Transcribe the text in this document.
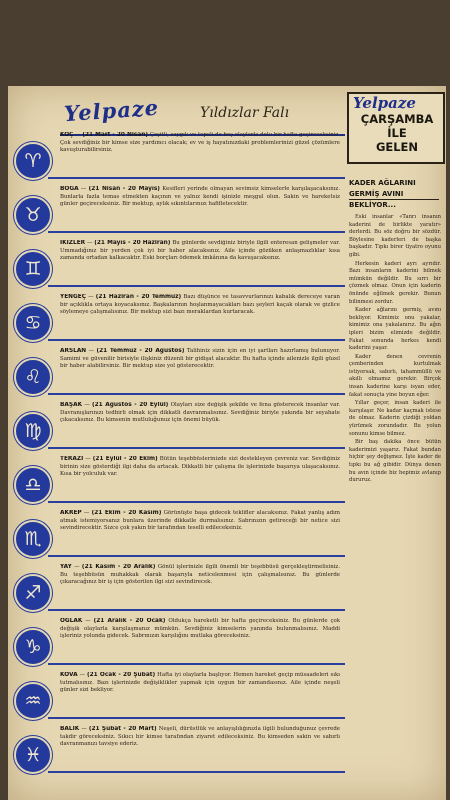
Yelpaze	Yıldızlar Falı
♈
KOÇ — (21 Mart - 20 Nisan) Çeşitli, saygılı ve tepeli de boş olaylarla dolu bir hafta geçireceksiniz. Çok sevdiğiniz bir kimse size yardımcı olacak; ev ve iş hayatınızdaki problemlerinizi güzel çözümlere kavuşturabilirsiniz.
♉
BOĞA — (21 Nisan - 20 Mayıs) Kesifleri yerinde olmayan sevimsiz kimselerle karşılaşacaksınız. Bunlarla fazla temas etmekten kaçının ve yalnız kendi işinizle meşgul olun. Sakin ve hareketsiz günler geçireceksiniz. Bir mektup, aylık sıkıntılarınızı hafifletecektir.
♊
İKİZLER — (21 Mayıs - 20 Haziran) Bu günlerde sevdiğiniz biriyle ilgili enteresan gelişmeler var. Ummadığınız bir yerden çok iyi bir haber alacaksınız. Aile içinde gözüken anlaşmazlıklar kısa zamanda ortadan kalkacaktır. Eski borçları ödemek imkânına da kavuşacaksınız.
♋
YENGEÇ — (21 Haziran - 20 Temmuz) Bazı düşünce ve tasavvurlarınızı kabalık dereceye varan bir açıklıkla ortaya koyacaksınız. Başkalarının hoşlanmayacakları bazı şeyleri kaçak olarak ve gizlice söylemeye çalışmalısınız. Bir mektup sizi bazı meraklardan kurtaracak.
♌
ARSLAN — (21 Temmuz - 20 Ağustos) Talihiniz sizin için en iyi şartları hazırlamış bulunuyor. Samimi ve güvenilir birisiyle ilişkiniz düzenli bir gidişat alacaktır. Bu hafta içinde ailenizle ilgili güzel bir haber alabilirsiniz. Bir mektup size yol gösterecektir.
♍
BAŞAK — (21 Ağustos - 20 Eylül) Olayları size değişik şekilde ve fena gösterecek insanlar var. Davranışlarınızı tedbirli olmak için dikkatli davranmalısınız. Sevdiğiniz biriyle yakında bir seyahate çıkacaksınız. Bu kimsenin mutluluğunuz için önemi büyük.
♎
TERAZİ — (21 Eylül - 20 Ekim) Bütün teşebbüslerinizde sizi destekleyen çevreniz var. Sevdiğiniz birinin size gösterdiği ilgi daha da artacak. Dikkatli bir çalışma ile işlerinizde başarıya ulaşacaksınız. Kısa bir yolculuk var.
♏
AKREP — (21 Ekim - 20 Kasım) Görünüşte başa gidecek teklifler alacaksınız. Fakat yanlış adım atmak istemiyorsanız bunlara üzerinde dikkatle durmalısınız. Sabrınızın getireceği bir netice sizi sevindirecektir. Sizce çok yakın bir tarafından teselli edileceksiniz.
♐
YAY — (21 Kasım - 20 Aralık) Gönül işlerinizle ilgili önemli bir teşebbüsü gerçekleştirmelisiniz. Bu teşebbüsün muhakkak olarak başarıyla neticelenmesi için çalışmalısınız. Bu günlerde çıkaracağınız bir iş için gösterilen ilgi sizi sevindirecek.
♑
OĞLAK — (21 Aralık - 20 Ocak) Oldukça hareketli bir hafta geçireceksiniz. Bu günlerde çok değişik olaylarla karşılaşmanız mümkün. Sevdiğiniz kimselerin yanında bulunmalısınız. Maddi işleriniz yolunda gidecek. Sabrınızın karşılığını mutlaka göreceksiniz.
♒
KOVA — (21 Ocak - 20 Şubat) Hafta iyi olaylarla başlıyor. Hemen hareket geçip müsaadeleri sıkı tutmalısınız. Bazı işlerinizde değişiklikler yapmak için uygun bir zamandasınız. Aile içinde neşeli günler sizi bekliyor.
♓
BALIK — (21 Şubat - 20 Mart) Neşeli, dürüstlük ve anlayışlılığınızla ilgili bulunduğunuz çevrede takdir göreceksiniz. Sıkıcı bir kimse tarafından ziyaret edileceksiniz. Bu kimseden sakin ve sabırlı davranmanızı tavsiye ederiz.
Yelpaze
ÇARŞAMBA
İLE
GELEN
KADER AĞLARINI GERMİŞ AVINI BEKLİYOR...

Eski insanlar «Tanrı insanın kaderini de birlikte yaratır» derlerdi. Bu söz doğru bir sözdür. Böylesine kaderleri de başka başkadır. Tıpkı birer tiyatro oyunu gibi.

Herkesin kaderi ayrı ayrıdır. Bazı insanların kaderini bilmek mümkün değildir. Bu sırrı bir çözmek olmaz. Onun için kaderin önünde eğilmek gerekir. Bunun bilinmesi zordur.

Kader ağlarını germiş, avını bekliyor. Kimimiz onu yakalar, kimimiz ona yakalanırız. Bu ağın ipleri bizim elimizde değildir. Fakat sonunda herkes kendi kaderini yaşar.

Kader denen cevrenin çemberinden kurtulmak istiyorsak, sabırlı, tahammüllü ve akıllı olmamız gerekir. Birçok insan kaderine karşı isyan eder, fakat sonuçta yine boyun eğer.

Yıllar geçer, insan kaderi ile karşılaşır. Ne kadar kaçmak istese de olmaz. Kaderin çizdiği yoldan yürümek zorundadır. Bu yolun sonunu kimse bilmez.

Bir baş dakika önce bütün kaderimizi yaşarız. Fakat bundan hiçbir şey değişmez. İşte kader de tıpkı bu ağ gibidir. Dünya denen bu avın içinde biz hepimiz avlanıp dururuz.
